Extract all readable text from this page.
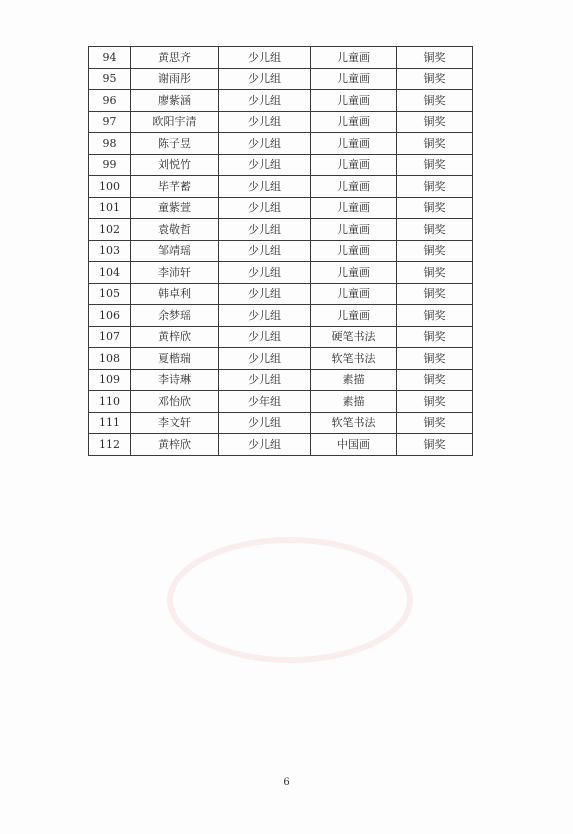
94	黄思齐	少儿组	儿童画	铜奖
95	谢雨彤	少儿组	儿童画	铜奖
96	廖紫涵	少儿组	儿童画	铜奖
97	欧阳宇清	少儿组	儿童画	铜奖
98	陈子昱	少儿组	儿童画	铜奖
99	刘悦竹	少儿组	儿童画	铜奖
100	毕芊蓄	少儿组	儿童画	铜奖
101	童紫萱	少儿组	儿童画	铜奖
102	袁敬哲	少儿组	儿童画	铜奖
103	邹靖瑶	少儿组	儿童画	铜奖
104	李沛轩	少儿组	儿童画	铜奖
105	韩卓利	少儿组	儿童画	铜奖
106	余梦瑶	少儿组	儿童画	铜奖
107	黄梓欣	少儿组	硬笔书法	铜奖
108	夏楷瑞	少儿组	软笔书法	铜奖
109	李诗琳	少儿组	素描	铜奖
110	邓怡欣	少年组	素描	铜奖
111	李文轩	少儿组	软笔书法	铜奖
112	黄梓欣	少儿组	中国画	铜奖
6
